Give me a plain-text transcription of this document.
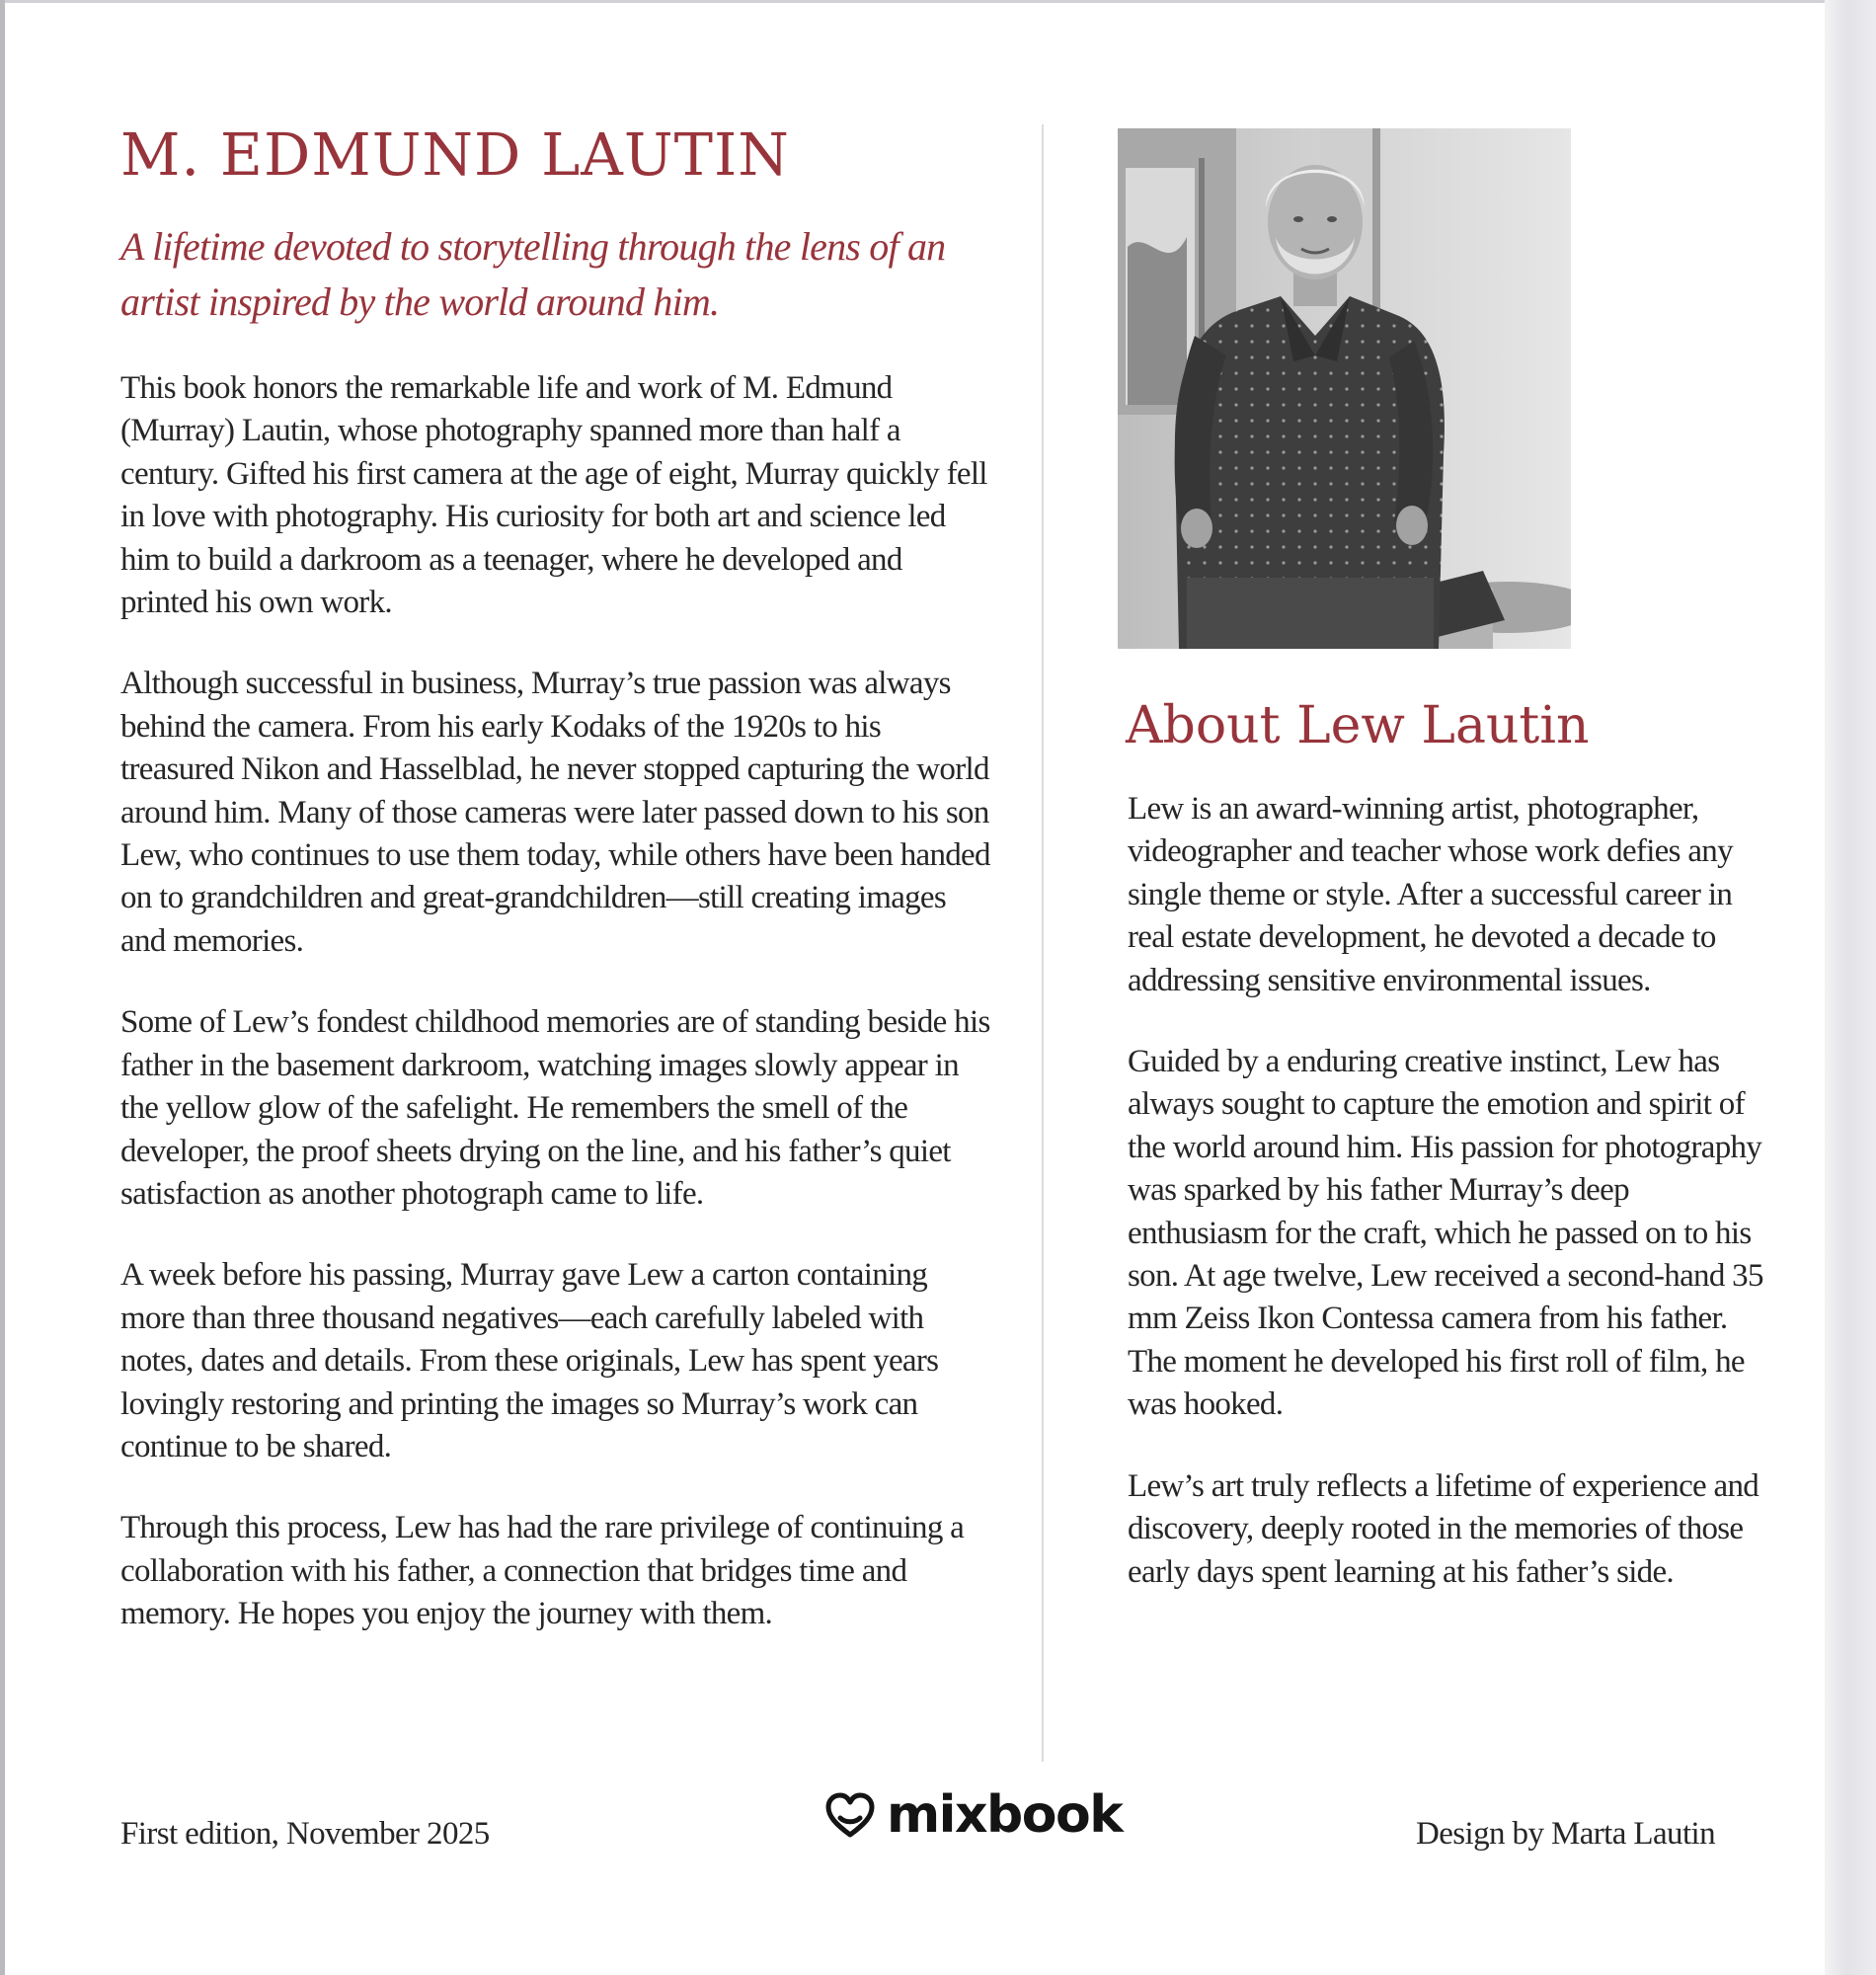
M. EDMUND LAUTIN

A lifetime devoted to storytelling through the lens of an artist inspired by the world around him.

This book honors the remarkable life and work of M. Edmund (Murray) Lautin, whose photography spanned more than half a century. Gifted his first camera at the age of eight, Murray quickly fell in love with photography. His curiosity for both art and science led him to build a darkroom as a teenager, where he developed and printed his own work.

Although successful in business, Murray’s true passion was always behind the camera. From his early Kodaks of the 1920s to his treasured Nikon and Hasselblad, he never stopped capturing the world around him. Many of those cameras were later passed down to his son Lew, who continues to use them today, while others have been handed on to grandchildren and great-grandchildren—still creating images and memories.

Some of Lew’s fondest childhood memories are of standing beside his father in the basement darkroom, watching images slowly appear in the yellow glow of the safelight. He remembers the smell of the developer, the proof sheets drying on the line, and his father’s quiet satisfaction as another photograph came to life.

A week before his passing, Murray gave Lew a carton containing more than three thousand negatives—each carefully labeled with notes, dates and details. From these originals, Lew has spent years lovingly restoring and printing the images so Murray’s work can continue to be shared.

Through this process, Lew has had the rare privilege of continuing a collaboration with his father, a connection that bridges time and memory. He hopes you enjoy the journey with them.

About Lew Lautin

Lew is an award-winning artist, photographer, videographer and teacher whose work defies any single theme or style. After a successful career in real estate development, he devoted a decade to addressing sensitive environmental issues.

Guided by a enduring creative instinct, Lew has always sought to capture the emotion and spirit of the world around him. His passion for photography was sparked by his father Murray’s deep enthusiasm for the craft, which he passed on to his son. At age twelve, Lew received a second-hand 35 mm Zeiss Ikon Contessa camera from his father. The moment he developed his first roll of film, he was hooked.

Lew’s art truly reflects a lifetime of experience and discovery, deeply rooted in the memories of those early days spent learning at his father’s side.

First edition, November 2025	mixbook	Design by Marta Lautin
